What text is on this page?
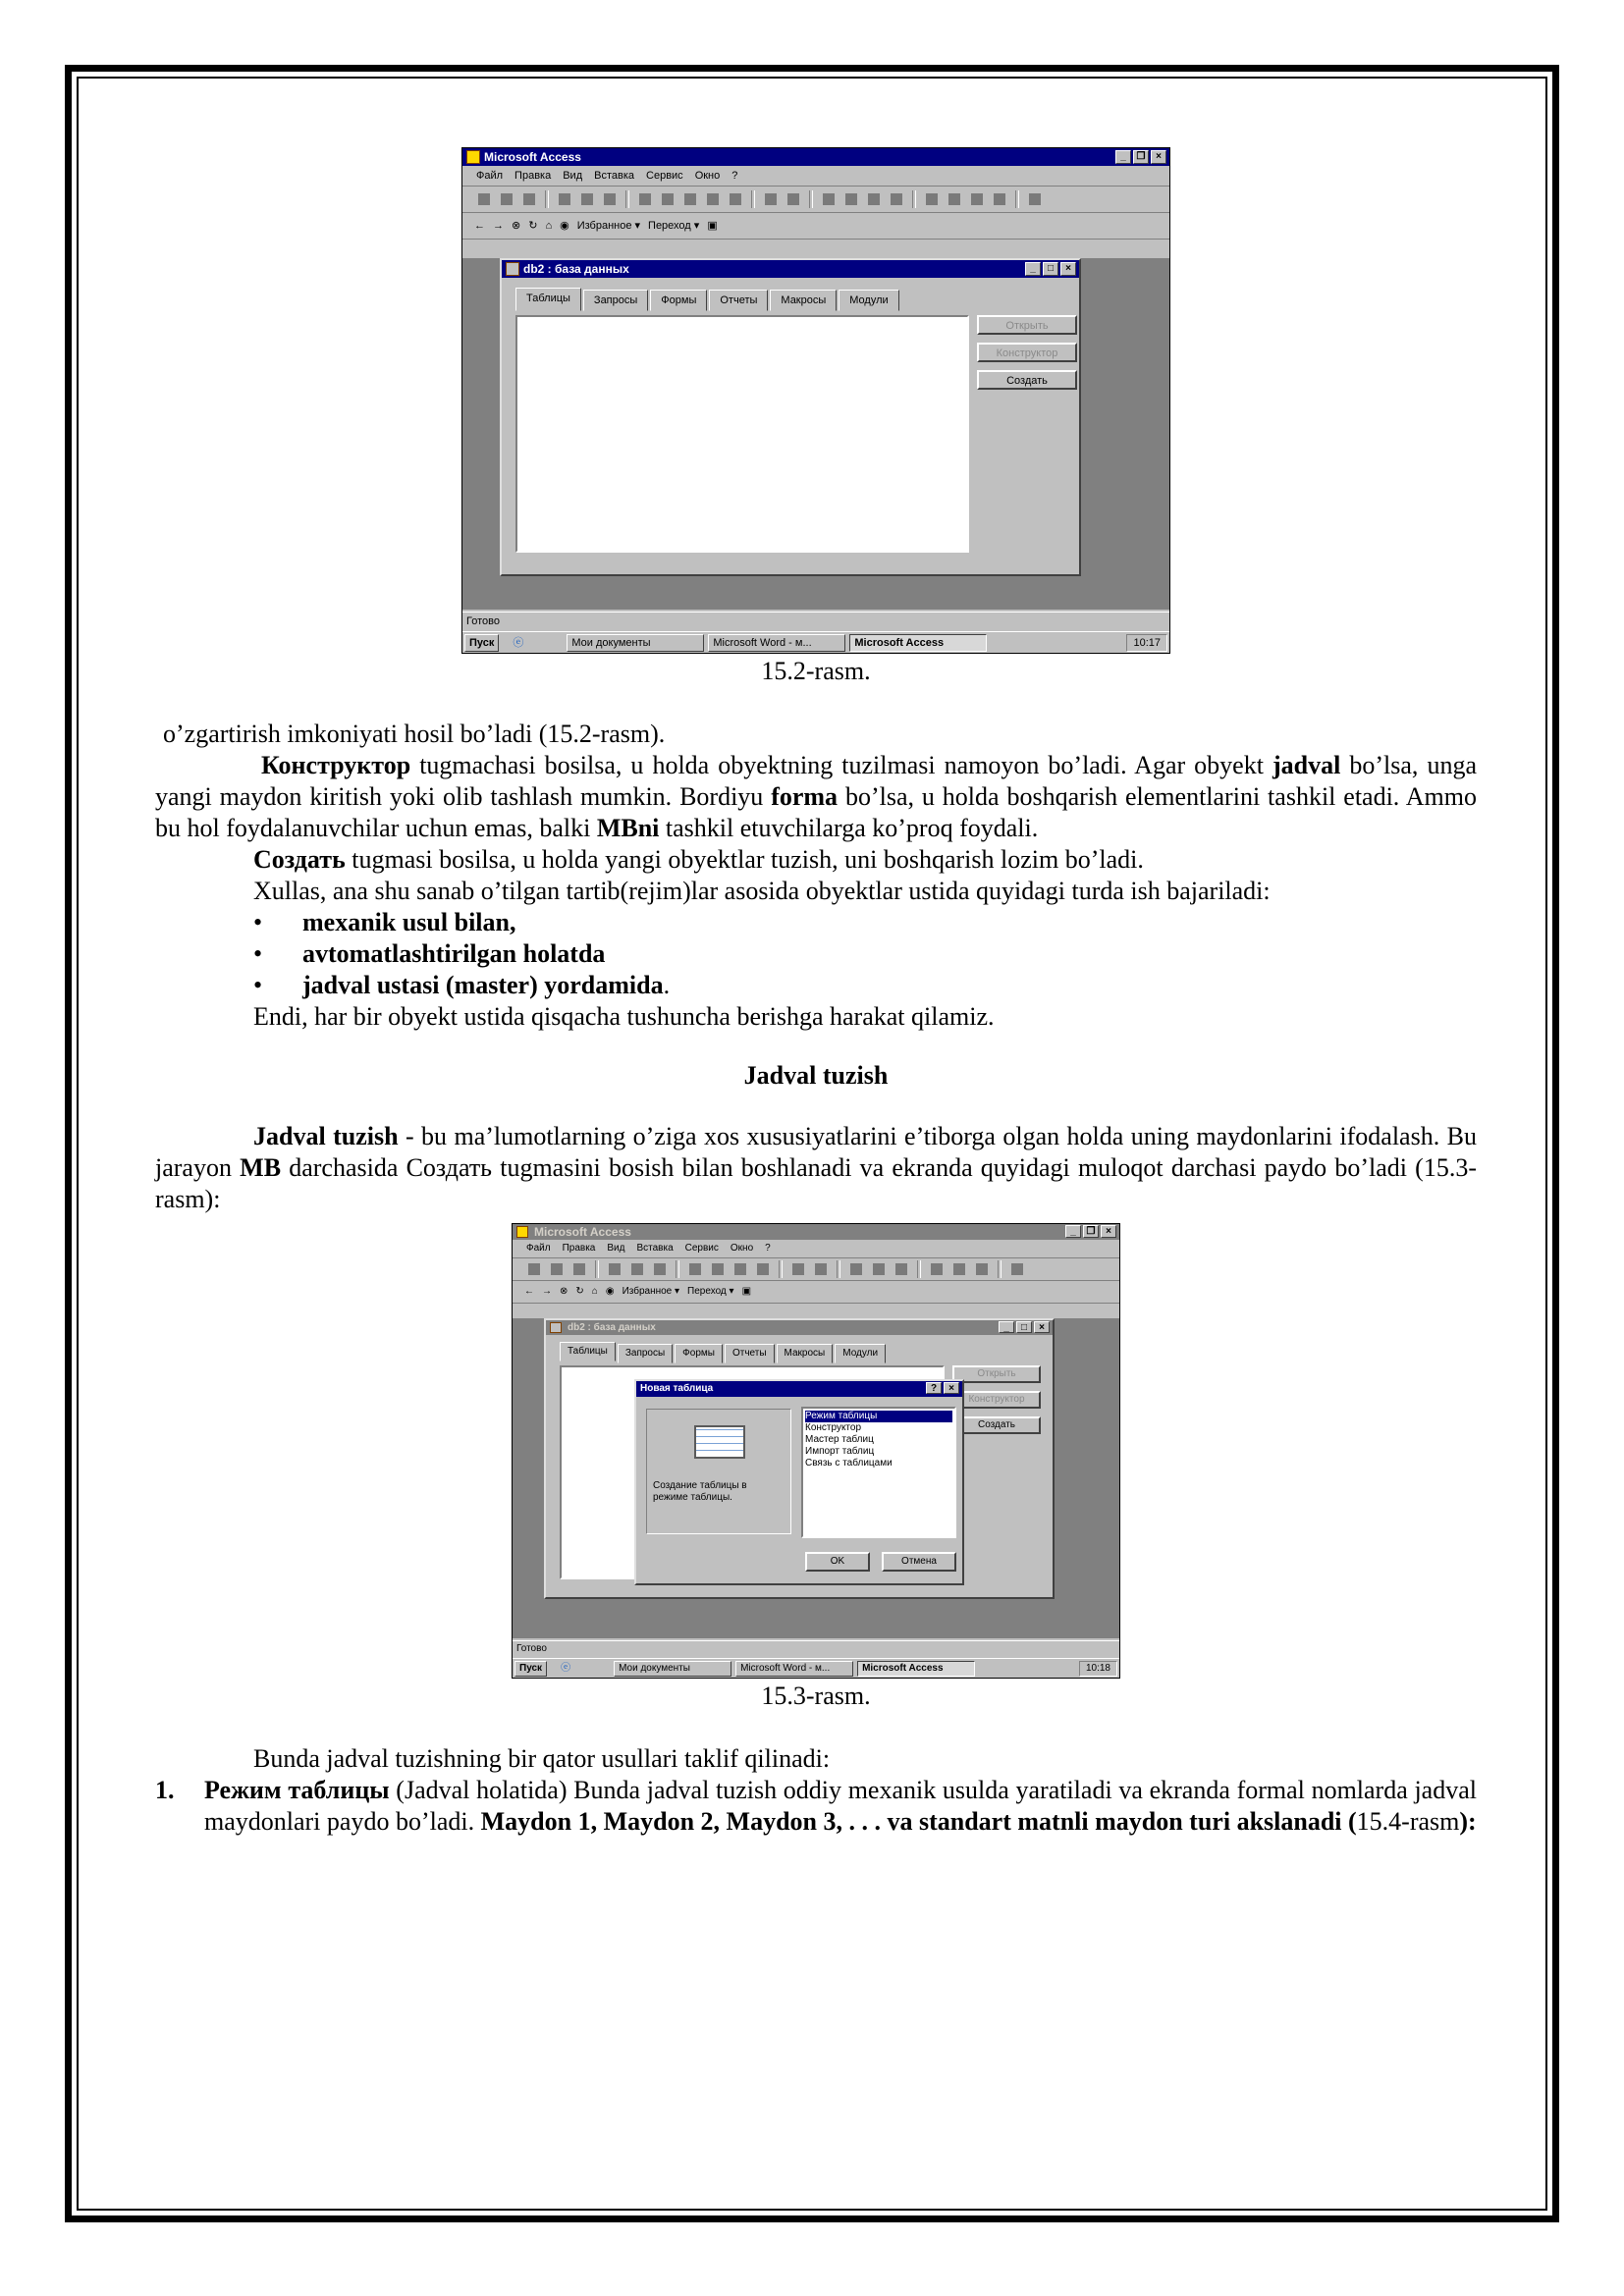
Microsoft Access	_	❐	×
Файл Правка Вид Вставка Сервис Окно ?
← → ⊗ ↻ ⌂ ◉ Избранное ▾ Переход ▾ ▣
db2 : база данных	_	□	×
Таблицы	Запросы	Формы	Отчеты	Макросы	Модули
Открыть
Конструктор
Создать
Готово
Пуск	ⓔ	Мои документы	Microsoft Word - м...	Microsoft Access	10:17

15.2-rasm.

o’zgartirish imkoniyati hosil bo’ladi (15.2-rasm).

Конструктор tugmachasi bosilsa, u holda obyektning tuzilmasi namoyon bo’ladi. Agar obyekt jadval bo’lsa, unga yangi maydon kiritish yoki olib tashlash mumkin. Bordiyu forma bo’lsa, u holda boshqarish elementlarini tashkil etadi. Ammo bu hol foydalanuvchilar uchun emas, balki MBni tashkil etuvchilarga ko’proq foydali.

Создать tugmasi bosilsa, u holda yangi obyektlar tuzish, uni boshqarish lozim bo’ladi.

Xullas, ana shu sanab o’tilgan tartib(rejim)lar asosida obyektlar ustida quyidagi turda ish bajariladi:

• mexanik usul bilan,
• avtomatlashtirilgan holatda
• jadval ustasi (master) yordamida.

Endi, har bir obyekt ustida qisqacha tushuncha berishga harakat qilamiz.

Jadval tuzish

Jadval tuzish - bu ma’lumotlarning o’ziga xos xususiyatlarini e’tiborga olgan holda uning maydonlarini ifodalash. Bu jarayon MB darchasida Создать tugmasini bosish bilan boshlanadi va ekranda quyidagi muloqot darchasi paydo bo’ladi (15.3-rasm):

Microsoft Access	_	❐	×
Файл Правка Вид Вставка Сервис Окно ?
← → ⊗ ↻ ⌂ ◉ Избранное ▾ Переход ▾ ▣
db2 : база данных	_	□	×
Таблицы	Запросы	Формы	Отчеты	Макросы	Модули
Открыть
Конструктор
Создать
Новая таблица	?	×
Создание таблицы в режиме таблицы.
Режим таблицы
Конструктор
Мастер таблиц
Импорт таблиц
Связь с таблицами
OK	Отмена
Готово
Пуск	ⓔ	Мои документы	Microsoft Word - м...	Microsoft Access	10:18

15.3-rasm.

Bunda jadval tuzishning bir qator usullari taklif qilinadi:

1. Режим таблицы (Jadval holatida) Bunda jadval tuzish oddiy mexanik usulda yaratiladi va ekranda formal nomlarda jadval maydonlari paydo bo’ladi. Maydon 1, Maydon 2, Maydon 3, . . . va standart matnli maydon turi akslanadi (15.4-rasm):
